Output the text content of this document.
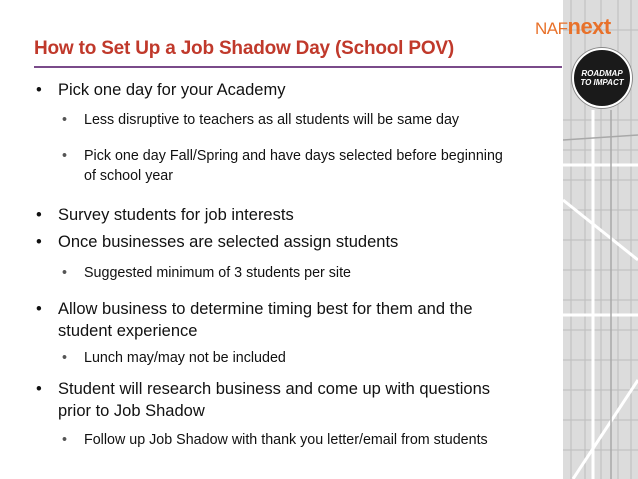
NAF next
ROADMAP
TO IMPACT
How to Set Up a Job Shadow Day (School POV)
• Pick one day for your Academy
• Less disruptive to teachers as all students will be same day
• Pick one day Fall/Spring and have days selected before beginning
of school year
• Survey students for job interests
• Once businesses are selected assign students
• Suggested minimum of 3 students per site
• Allow business to determine timing best for them and the
student experience
• Lunch may/may not be included
• Student will research business and come up with questions
prior to Job Shadow
• Follow up Job Shadow with thank you letter/email from students
